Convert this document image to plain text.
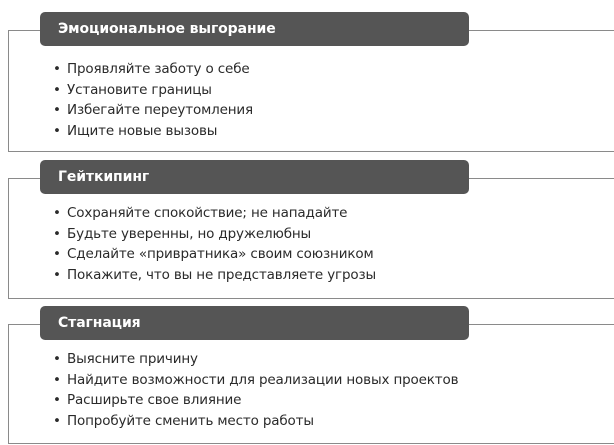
Эмоциональное выгорание
• Проявляйте заботу о себе
• Установите границы
• Избегайте переутомления
• Ищите новые вызовы
Гейткипинг
• Сохраняйте спокойствие; не нападайте
• Будьте уверенны, но дружелюбны
• Сделайте «привратника» своим союзником
• Покажите, что вы не представляете угрозы
Стагнация
• Выясните причину
• Найдите возможности для реализации новых проектов
• Расширьте свое влияние
• Попробуйте сменить место работы
